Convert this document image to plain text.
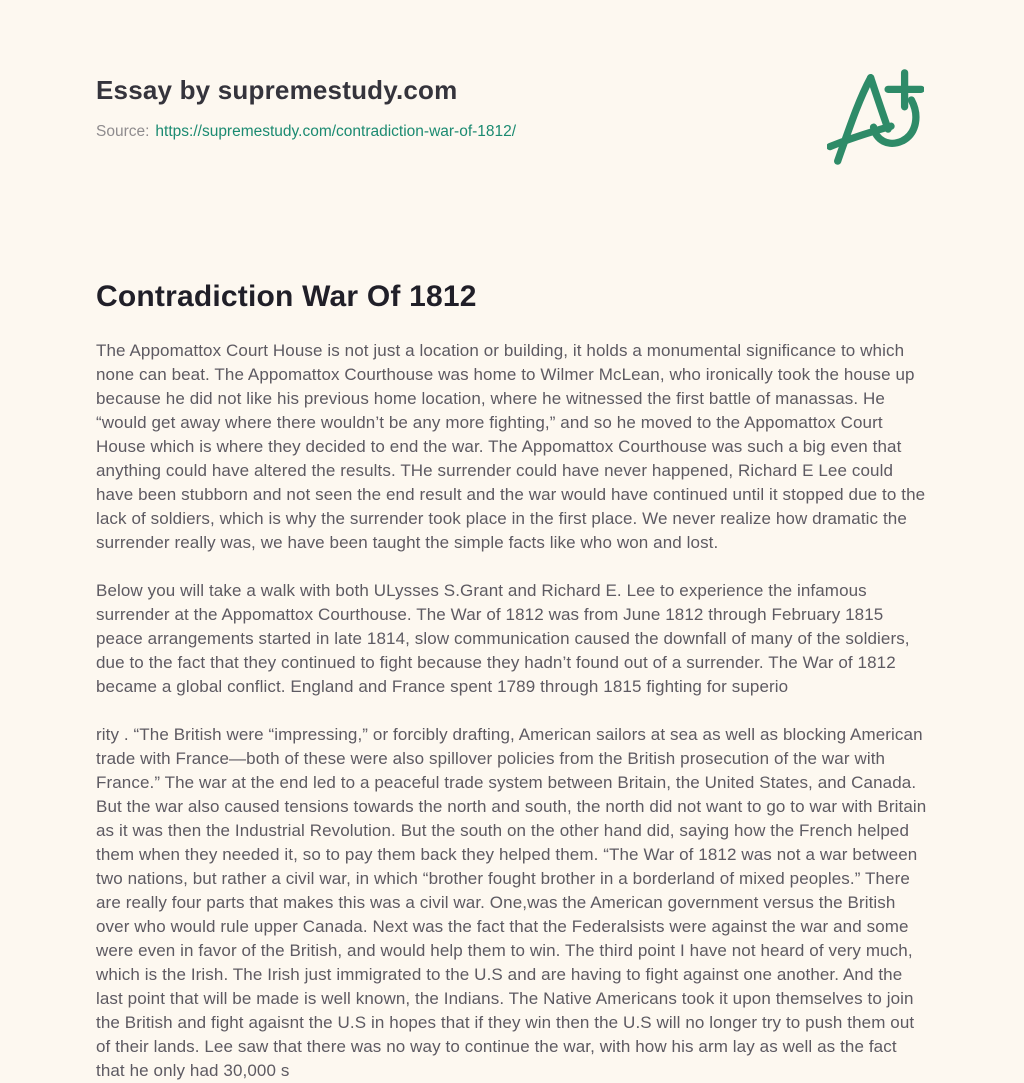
Essay by supremestudy.com
Source: https://supremestudy.com/contradiction-war-of-1812/
Contradiction War Of 1812

The Appomattox Court House is not just a location or building, it holds a monumental significance to which none can beat. The Appomattox Courthouse was home to Wilmer McLean, who ironically took the house up because he did not like his previous home location, where he witnessed the first battle of manassas. He “would get away where there wouldn’t be any more fighting,” and so he moved to the Appomattox Court House which is where they decided to end the war. The Appomattox Courthouse was such a big even that anything could have altered the results. THe surrender could have never happened, Richard E Lee could have been stubborn and not seen the end result and the war would have continued until it stopped due to the lack of soldiers, which is why the surrender took place in the first place. We never realize how dramatic the surrender really was, we have been taught the simple facts like who won and lost.

Below you will take a walk with both ULysses S.Grant and Richard E. Lee to experience the infamous surrender at the Appomattox Courthouse. The War of 1812 was from June 1812 through February 1815 peace arrangements started in late 1814, slow communication caused the downfall of many of the soldiers, due to the fact that they continued to fight because they hadn’t found out of a surrender. The War of 1812 became a global conflict. England and France spent 1789 through 1815 fighting for superio

rity . “The British were “impressing,” or forcibly drafting, American sailors at sea as well as blocking American trade with France—both of these were also spillover policies from the British prosecution of the war with France.” The war at the end led to a peaceful trade system between Britain, the United States, and Canada. But the war also caused tensions towards the north and south, the north did not want to go to war with Britain as it was then the Industrial Revolution. But the south on the other hand did, saying how the French helped them when they needed it, so to pay them back they helped them. “The War of 1812 was not a war between two nations, but rather a civil war, in which “brother fought brother in a borderland of mixed peoples.” There are really four parts that makes this was a civil war. One,was the American government versus the British over who would rule upper Canada. Next was the fact that the Federalsists were against the war and some were even in favor of the British, and would help them to win. The third point I have not heard of very much, which is the Irish. The Irish just immigrated to the U.S and are having to fight against one another. And the last point that will be made is well known, the Indians. The Native Americans took it upon themselves to join the British and fight agaisnt the U.S in hopes that if they win then the U.S will no longer try to push them out of their lands. Lee saw that there was no way to continue the war, with how his arm lay as well as the fact that he only had 30,000 s
